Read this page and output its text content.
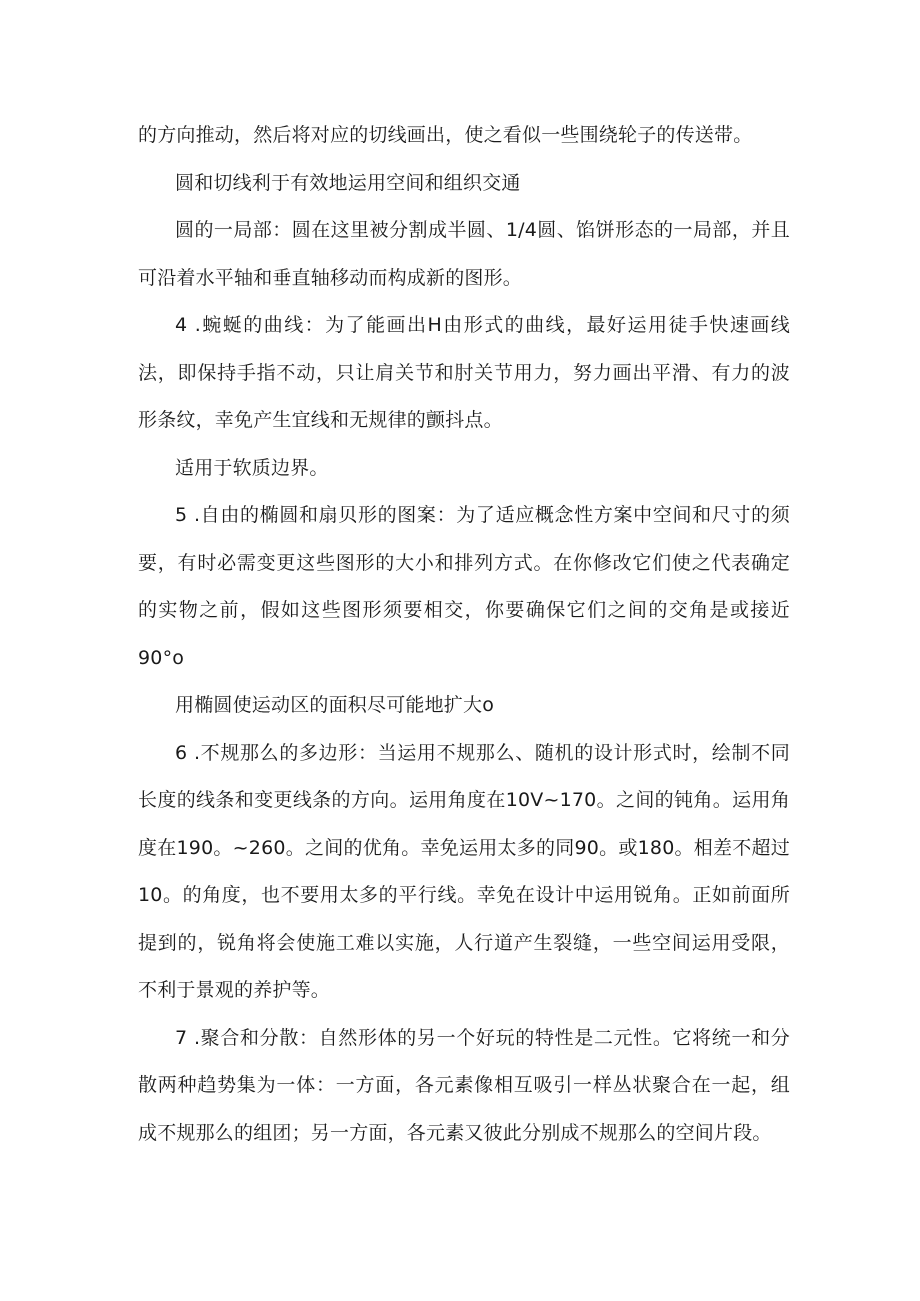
的方向推动，然后将对应的切线画出，使之看似一些围绕轮子的传送带。

圆和切线利于有效地运用空间和组织交通

圆的一局部：圆在这里被分割成半圆、1/4圆、馅饼形态的一局部，并且可沿着水平轴和垂直轴移动而构成新的图形。

4 .蜿蜒的曲线：为了能画出H由形式的曲线，最好运用徒手快速画线法，即保持手指不动，只让肩关节和肘关节用力，努力画出平滑、有力的波形条纹，幸免产生宜线和无规律的颤抖点。

适用于软质边界。

5 .自由的椭圆和扇贝形的图案：为了适应概念性方案中空间和尺寸的须要，有时必需变更这些图形的大小和排列方式。在你修改它们使之代表确定的实物之前，假如这些图形须要相交，你要确保它们之间的交角是或接近90°o

用椭圆使运动区的面积尽可能地扩大o

6 .不规那么的多边形：当运用不规那么、随机的设计形式时，绘制不同长度的线条和变更线条的方向。运用角度在10V~170。之间的钝角。运用角度在190。~260。之间的优角。幸免运用太多的同90。或180。相差不超过10。的角度，也不要用太多的平行线。幸免在设计中运用锐角。正如前面所提到的，锐角将会使施工难以实施，人行道产生裂缝，一些空间运用受限，不利于景观的养护等。

7 .聚合和分散：自然形体的另一个好玩的特性是二元性。它将统一和分散两种趋势集为一体：一方面，各元素像相互吸引一样丛状聚合在一起，组成不规那么的组团；另一方面，各元素又彼此分别成不规那么的空间片段。
